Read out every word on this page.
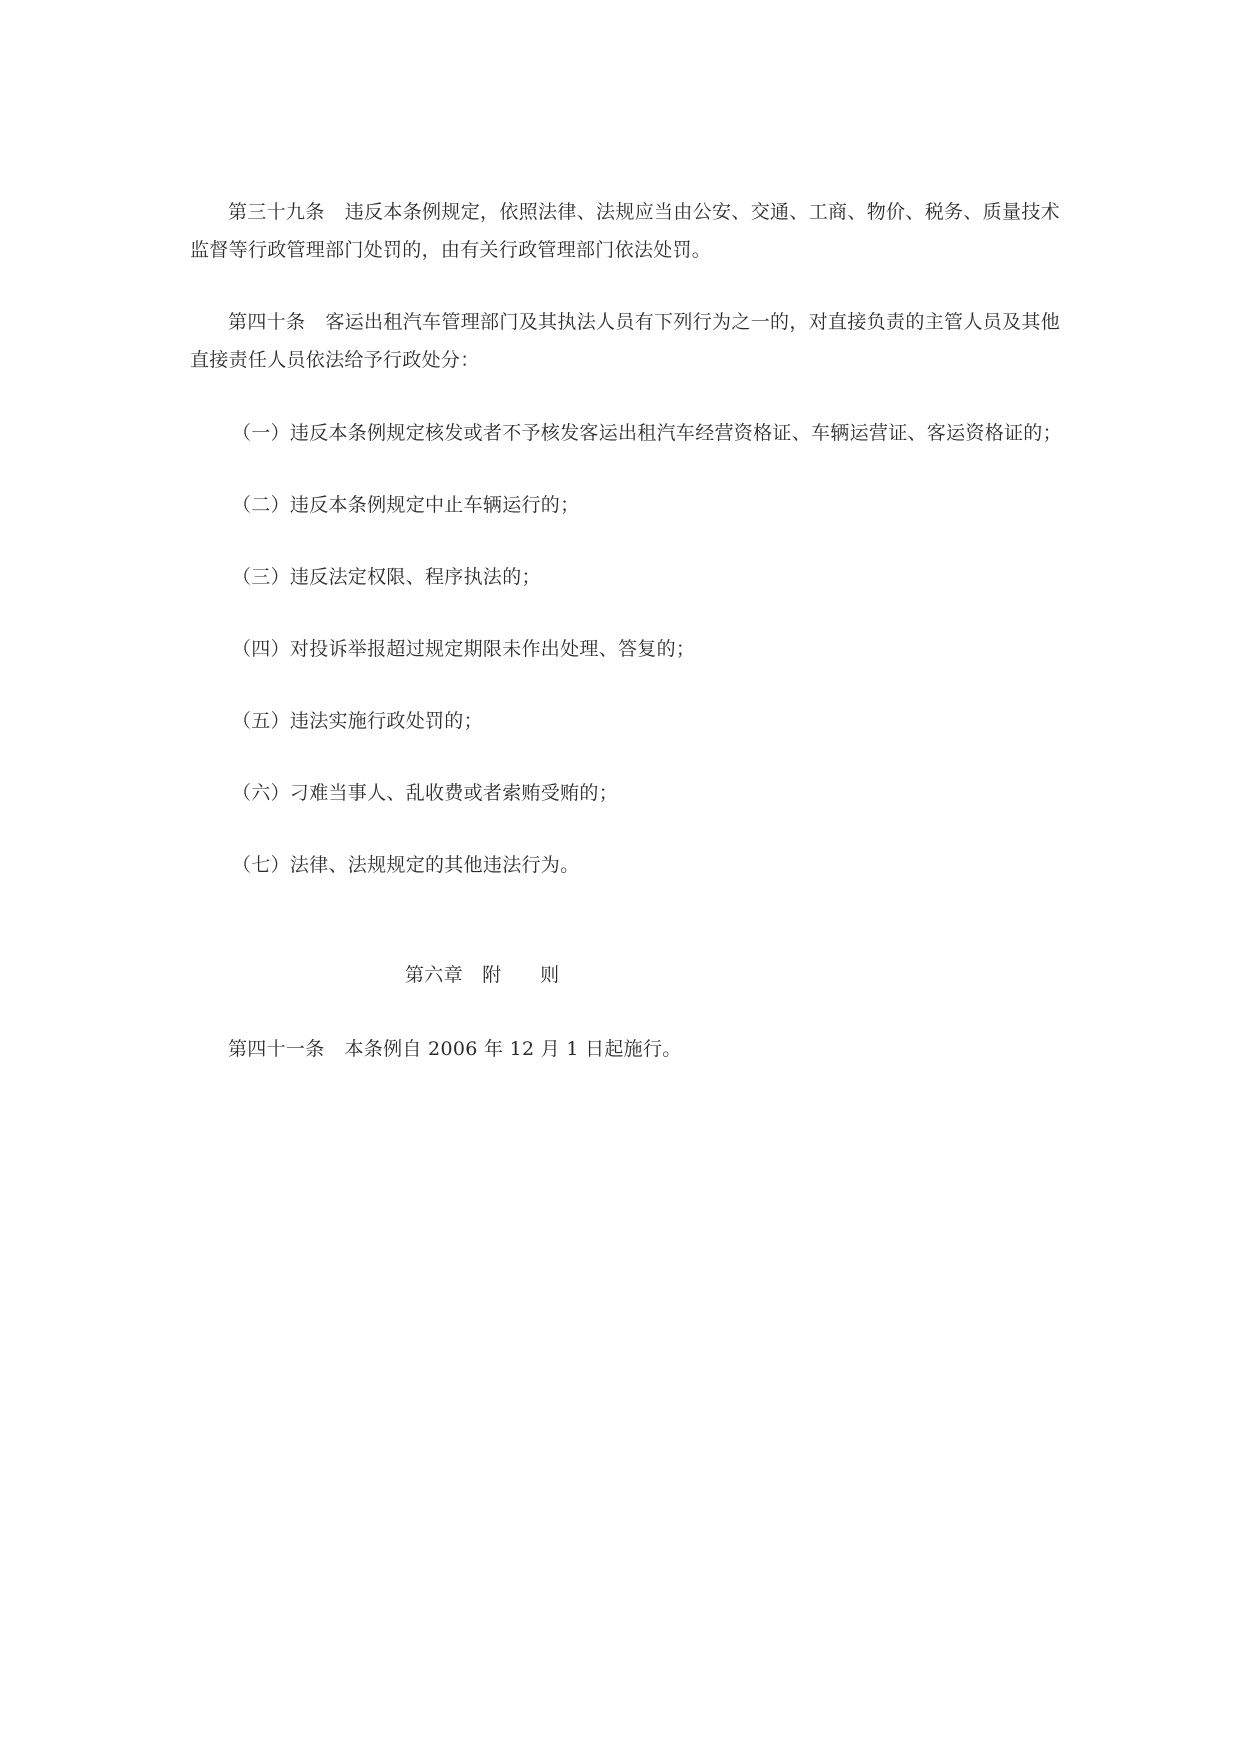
第三十九条 违反本条例规定，依照法律、法规应当由公安、交通、工商、物价、税务、质量技术监督等行政管理部门处罚的，由有关行政管理部门依法处罚。

第四十条 客运出租汽车管理部门及其执法人员有下列行为之一的，对直接负责的主管人员及其他直接责任人员依法给予行政处分：

（一）违反本条例规定核发或者不予核发客运出租汽车经营资格证、车辆运营证、客运资格证的；

（二）违反本条例规定中止车辆运行的；

（三）违反法定权限、程序执法的；

（四）对投诉举报超过规定期限未作出处理、答复的；

（五）违法实施行政处罚的；

（六）刁难当事人、乱收费或者索贿受贿的；

（七）法律、法规规定的其他违法行为。

第六章　附　　则

第四十一条 本条例自 2006 年 12 月 1 日起施行。
